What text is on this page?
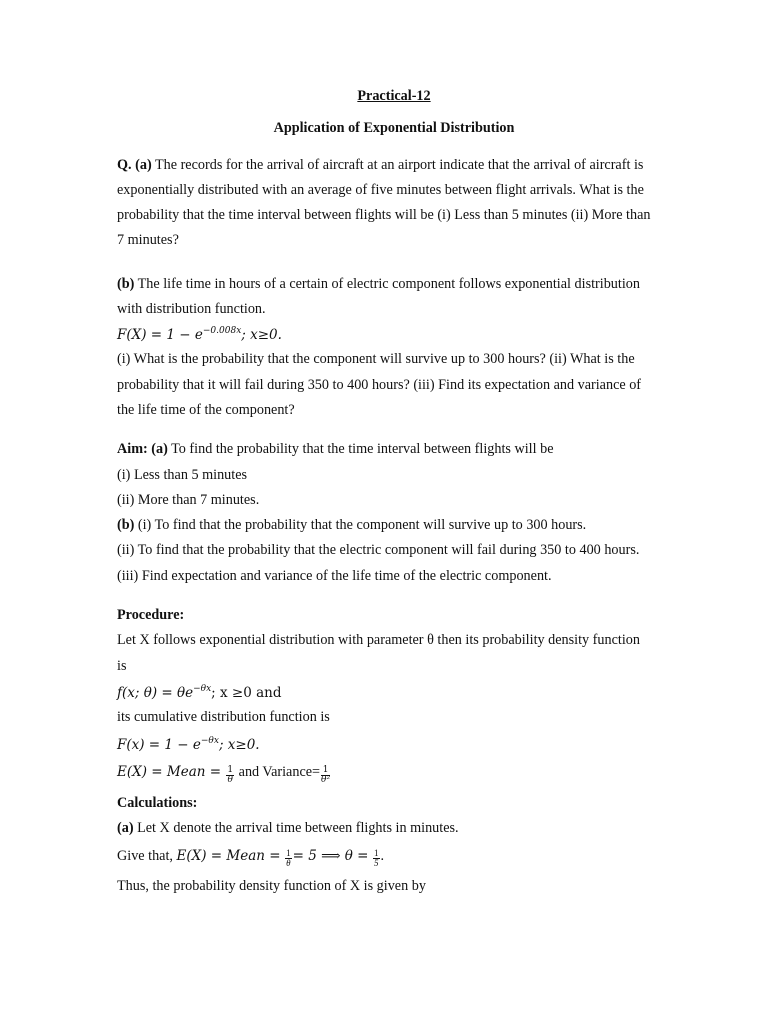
Practical-12
Application of Exponential Distribution
Q. (a) The records for the arrival of aircraft at an airport indicate that the arrival of aircraft is
exponentially distributed with an average of five minutes between flight arrivals. What is the
probability that the time interval between flights will be (i) Less than 5 minutes (ii) More than
7 minutes?
(b) The life time in hours of a certain of electric component follows exponential distribution
with distribution function.
$F(X) = 1 - e^{-0.008x}$; x≥0.
(i) What is the probability that the component will survive up to 300 hours? (ii) What is the
probability that it will fail during 350 to 400 hours? (iii) Find its expectation and variance of
the life time of the component?
Aim: (a) To find the probability that the time interval between flights will be
(i) Less than 5 minutes
(ii) More than 7 minutes.
(b) (i) To find that the probability that the component will survive up to 300 hours.
(ii) To find that the probability that the electric component will fail during 350 to 400 hours.
(iii) Find expectation and variance of the life time of the electric component.
Procedure:
Let X follows exponential distribution with parameter θ then its probability density function
is
f(x; $\theta) = \theta e^{-\theta x}$; x ≥0 and
its cumulative distribution function is
$F(x) = 1 - e^{-\theta x}$; x≥0.
E(X) = Mean = $\frac{1}{\theta}$ and Variance= $\frac{1}{\text{θ²}}$
Calculations:
(a) Let X denote the arrival time between flights in minutes.
Give that, E(X) = Mean = $\frac{1}{\theta} = 5$ ⟹ $\theta = \frac{1}{5}$ .
Thus, the probability density function of X is given by
